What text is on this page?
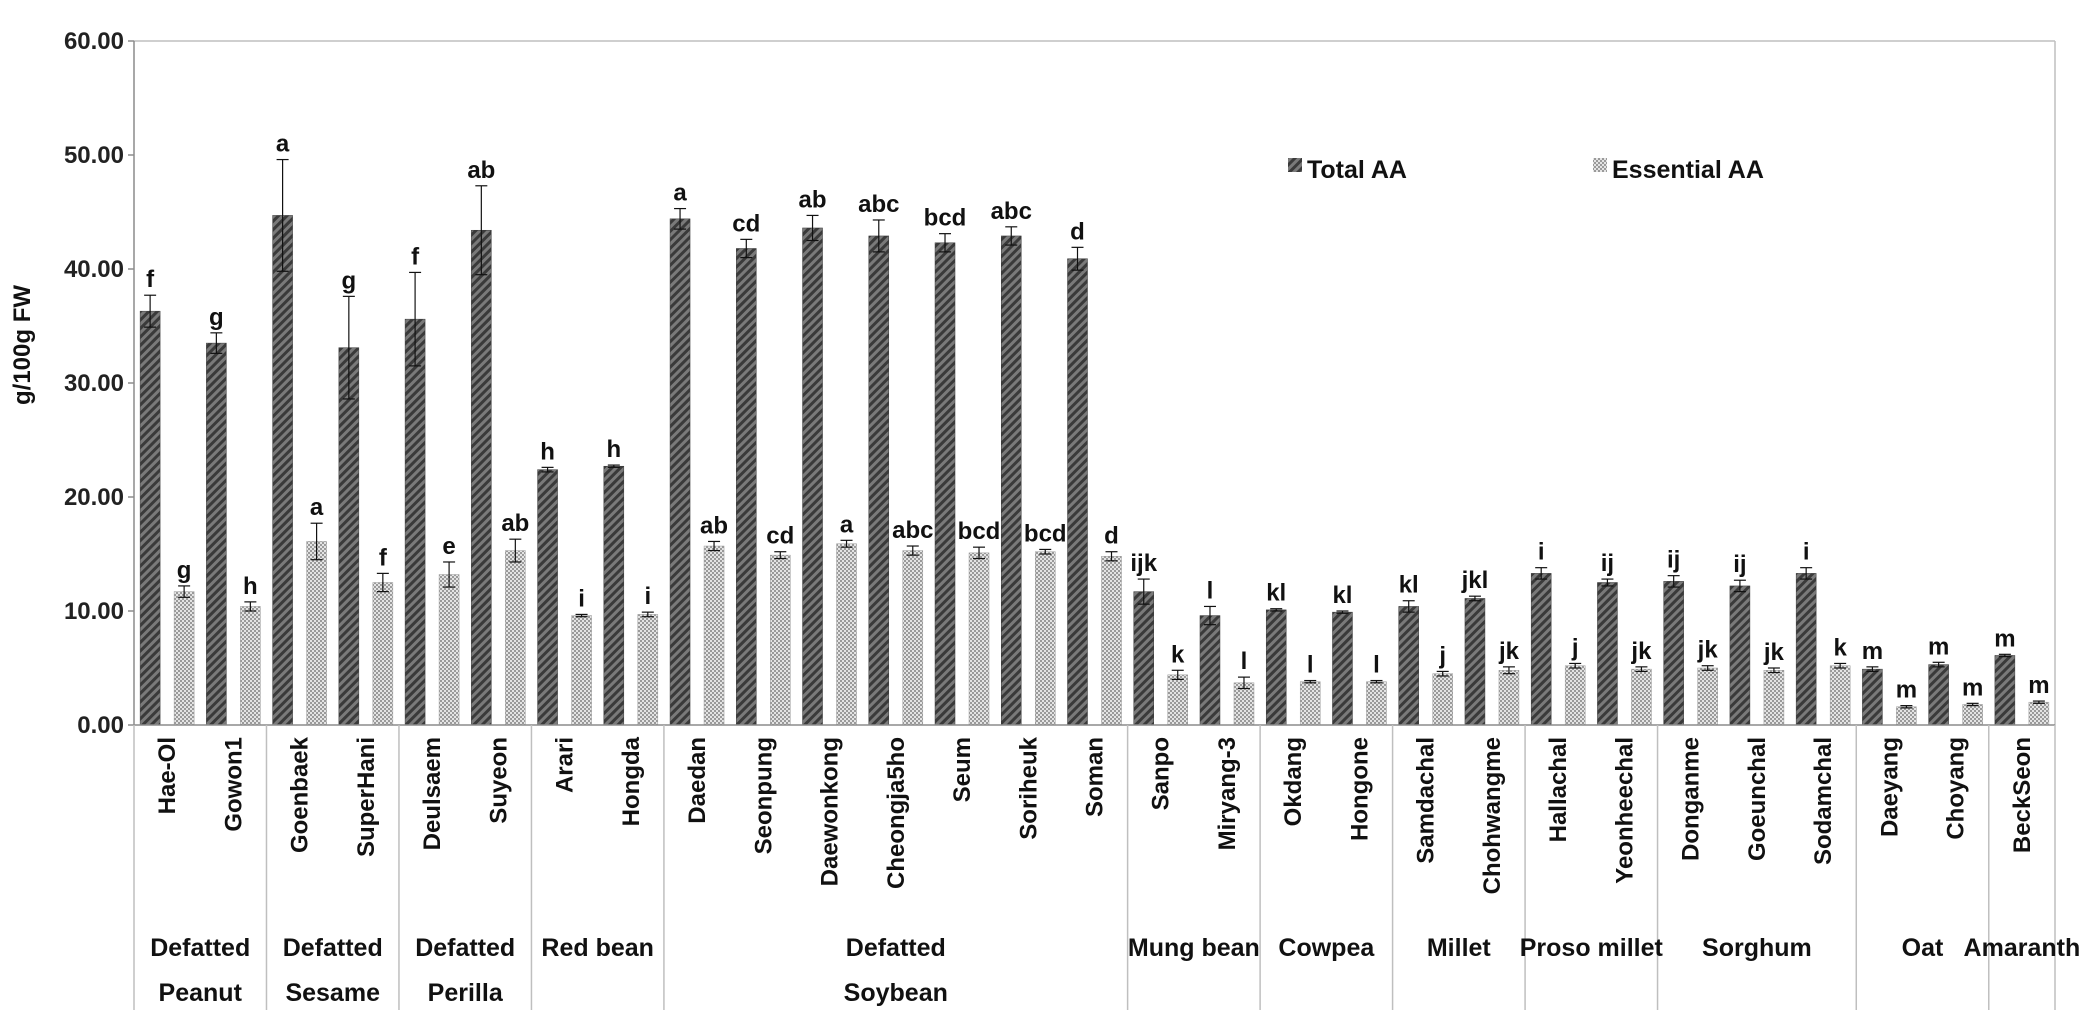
0.00
10.00
20.00
30.00
40.00
50.00
60.00
f
g
a
g
f
ab
h h
a
cd
ab abc
bcd abc
d
ijk
l kl kl kl jkl
i ij ij ij i
m m m
g
h
a
f e
ab
i i
ab cd a abc bcd bcd d
k l l l j jk j jk jk jk k
m m m
Hae-Ol Gowon1 Goenbaek SuperHani Deulsaem Suyeon Arari Hongda Daedan Seonpung Daewonkong Cheongja5ho Seum Soriheuk Soman Sanpo Miryang-3 Okdang Hongone Samdachal Chohwangme Hallachal Yeonheechal Donganme Goeunchal Sodamchal Daeyang Choyang BeckSeon
Defatted
Peanut
Defatted
Sesame
Defatted
Perilla
Red bean	Defatted
Soybean
Mung bean Cowpea Millet Proso millet Sorghum	Oat Amaranth
g/100g FW
Total AA	Essential AA
